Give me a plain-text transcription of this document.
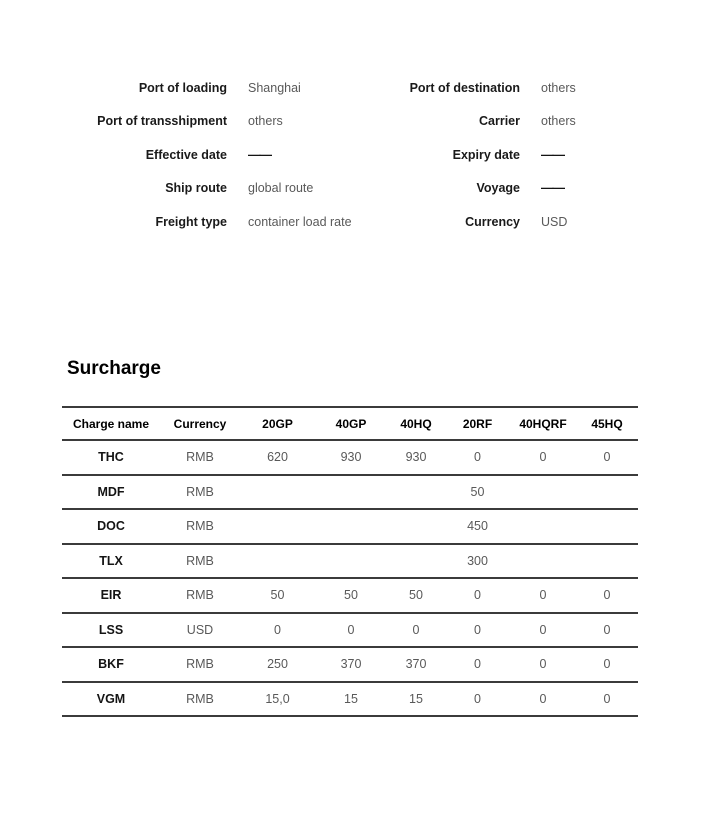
Port of loading	Shanghai	Port of destination	others
Port of transshipment	others	Carrier	others
Effective date	——	Expiry date	——
Ship route	global route	Voyage	——
Freight type	container load rate	Currency	USD
Surcharge
Charge name	Currency	20GP	40GP	40HQ	20RF	40HQRF	45HQ
THC	RMB	620	930	930	0	0	0
MDF	RMB				50		
DOC	RMB				450		
TLX	RMB				300		
EIR	RMB	50	50	50	0	0	0
LSS	USD	0	0	0	0	0	0
BKF	RMB	250	370	370	0	0	0
VGM	RMB	15,0	15	15	0	0	0
